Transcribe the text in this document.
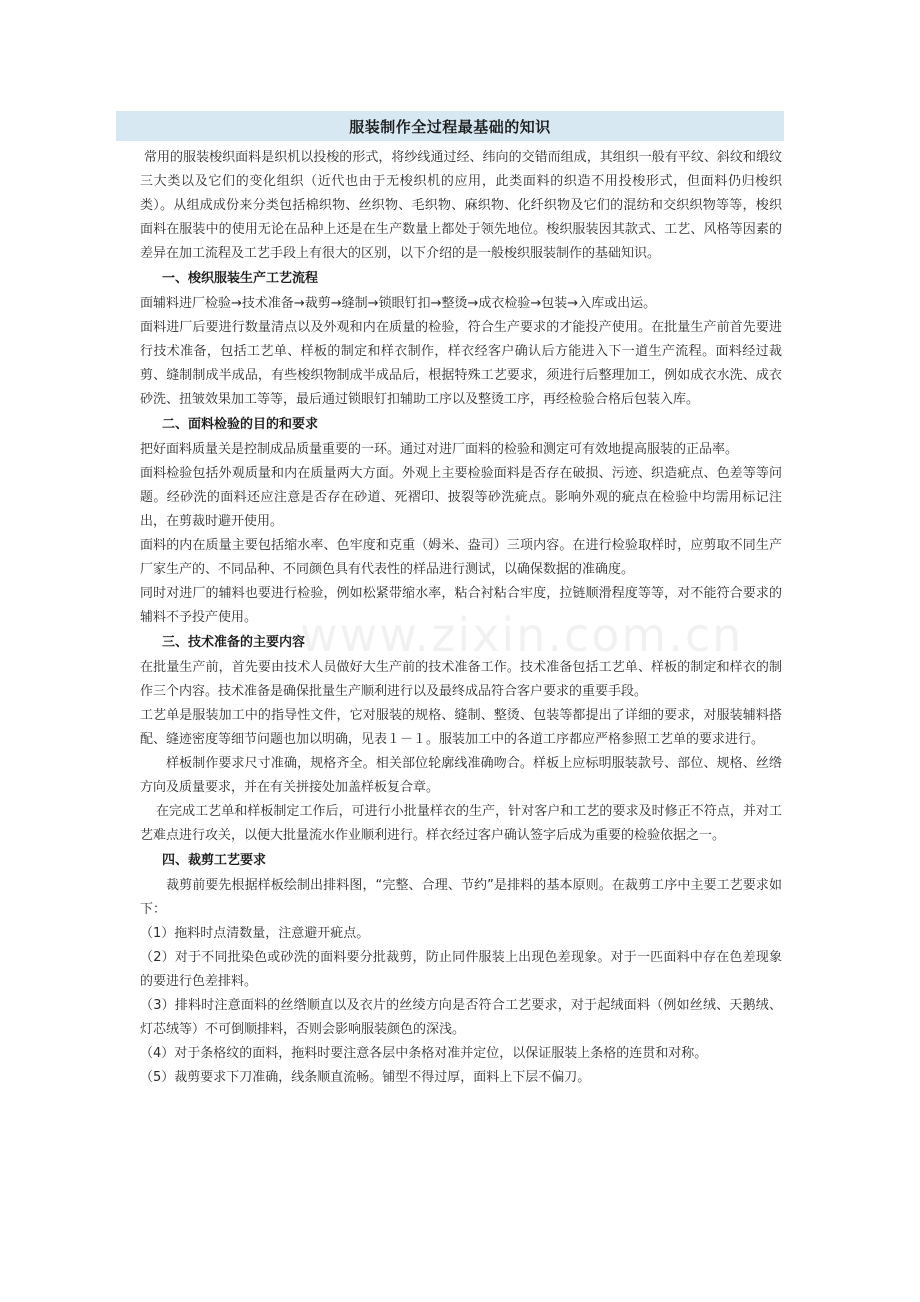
服装制作全过程最基础的知识

常用的服装梭织面料是织机以投梭的形式，将纱线通过经、纬向的交错而组成，其组织一般有平纹、斜纹和缎纹三大类以及它们的变化组织（近代也由于无梭织机的应用，此类面料的织造不用投梭形式，但面料仍归梭织类）。从组成成份来分类包括棉织物、丝织物、毛织物、麻织物、化纤织物及它们的混纺和交织织物等等，梭织面料在服装中的使用无论在品种上还是在生产数量上都处于领先地位。梭织服装因其款式、工艺、风格等因素的差异在加工流程及工艺手段上有很大的区别，以下介绍的是一般梭织服装制作的基础知识。

一、梭织服装生产工艺流程

面辅料进厂检验→技术准备→裁剪→缝制→锁眼钉扣→整烫→成衣检验→包装→入库或出运。

面料进厂后要进行数量清点以及外观和内在质量的检验，符合生产要求的才能投产使用。在批量生产前首先要进行技术准备，包括工艺单、样板的制定和样衣制作，样衣经客户确认后方能进入下一道生产流程。面料经过裁剪、缝制制成半成品，有些梭织物制成半成品后，根据特殊工艺要求，须进行后整理加工，例如成衣水洗、成衣砂洗、扭皱效果加工等等，最后通过锁眼钉扣辅助工序以及整烫工序，再经检验合格后包装入库。

二、面料检验的目的和要求

把好面料质量关是控制成品质量重要的一环。通过对进厂面料的检验和测定可有效地提高服装的正品率。

面料检验包括外观质量和内在质量两大方面。外观上主要检验面料是否存在破损、污迹、织造疵点、色差等等问题。经砂洗的面料还应注意是否存在砂道、死褶印、披裂等砂洗疵点。影响外观的疵点在检验中均需用标记注出，在剪裁时避开使用。

面料的内在质量主要包括缩水率、色牢度和克重（姆米、盎司）三项内容。在进行检验取样时，应剪取不同生产厂家生产的、不同品种、不同颜色具有代表性的样品进行测试，以确保数据的准确度。

同时对进厂的辅料也要进行检验，例如松紧带缩水率，粘合衬粘合牢度，拉链顺滑程度等等，对不能符合要求的辅料不予投产使用。

三、技术准备的主要内容

在批量生产前，首先要由技术人员做好大生产前的技术准备工作。技术准备包括工艺单、样板的制定和样衣的制作三个内容。技术准备是确保批量生产顺利进行以及最终成品符合客户要求的重要手段。

工艺单是服装加工中的指导性文件，它对服装的规格、缝制、整烫、包装等都提出了详细的要求，对服装辅料搭配、缝迹密度等细节问题也加以明确，见表１－１。服装加工中的各道工序都应严格参照工艺单的要求进行。

样板制作要求尺寸准确，规格齐全。相关部位轮廓线准确吻合。样板上应标明服装款号、部位、规格、丝绺方向及质量要求，并在有关拼接处加盖样板复合章。

在完成工艺单和样板制定工作后，可进行小批量样衣的生产，针对客户和工艺的要求及时修正不符点，并对工艺难点进行攻关，以便大批量流水作业顺利进行。样衣经过客户确认签字后成为重要的检验依据之一。

四、裁剪工艺要求

裁剪前要先根据样板绘制出排料图，“完整、合理、节约”是排料的基本原则。在裁剪工序中主要工艺要求如下：

（1）拖料时点清数量，注意避开疵点。

（2）对于不同批染色或砂洗的面料要分批裁剪，防止同件服装上出现色差现象。对于一匹面料中存在色差现象的要进行色差排料。

（3）排料时注意面料的丝绺顺直以及衣片的丝绫方向是否符合工艺要求，对于起绒面料（例如丝绒、天鹅绒、灯芯绒等）不可倒顺排料，否则会影响服装颜色的深浅。

（4）对于条格纹的面料，拖料时要注意各层中条格对准并定位，以保证服装上条格的连贯和对称。

（5）裁剪要求下刀准确，线条顺直流畅。铺型不得过厚，面料上下层不偏刀。

www.zixin.com.cn
